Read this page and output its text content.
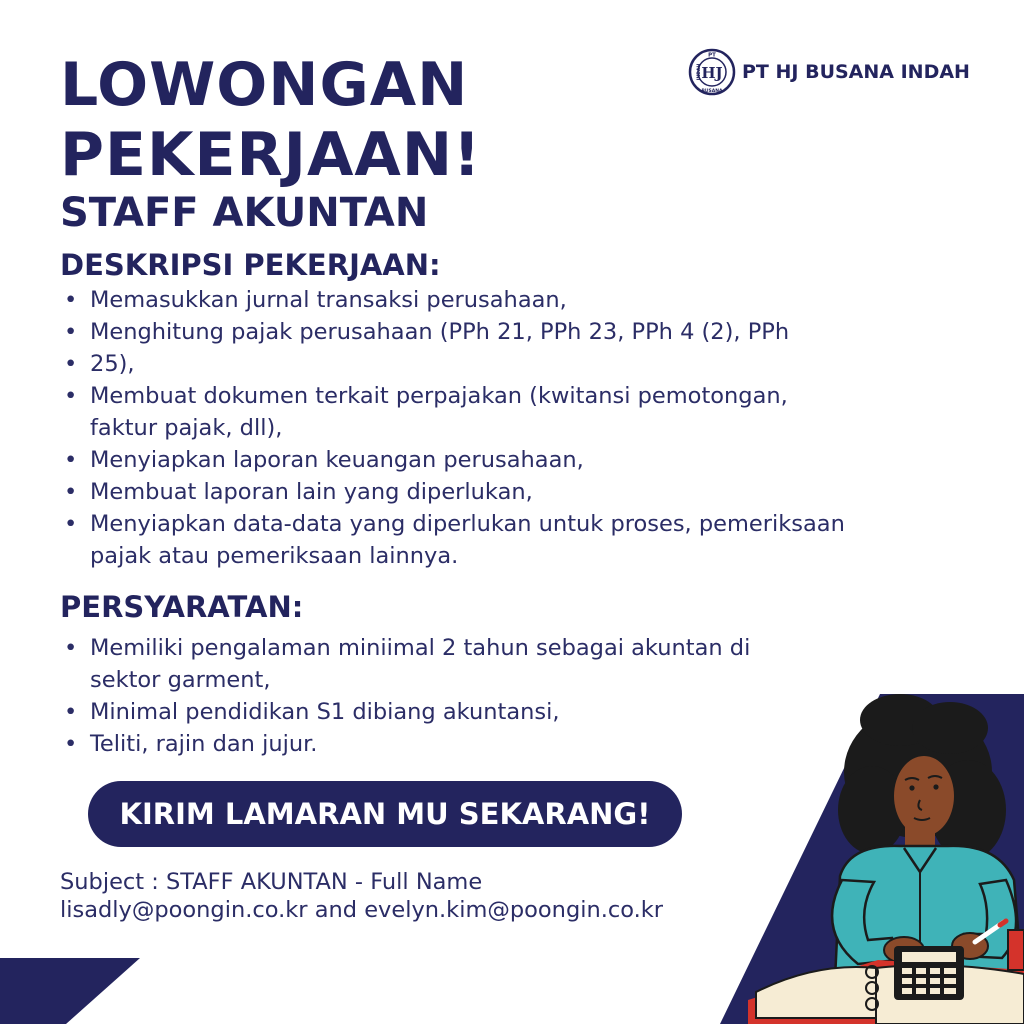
HJ
PT
INDAH
BUSANA
PT HJ BUSANA INDAH
LOWONGAN
PEKERJAAN!
STAFF AKUNTAN
DESKRIPSI PEKERJAAN:
• Memasukkan jurnal transaksi perusahaan,
• Menghitung pajak perusahaan (PPh 21, PPh 23, PPh 4 (2), PPh
• 25),
• Membuat dokumen terkait perpajakan (kwitansi pemotongan, faktur pajak, dll),
• Menyiapkan laporan keuangan perusahaan,
• Membuat laporan lain yang diperlukan,
• Menyiapkan data-data yang diperlukan untuk proses, pemeriksaan pajak atau pemeriksaan lainnya.
PERSYARATAN:
• Memiliki pengalaman miniimal 2 tahun sebagai akuntan di sektor garment,
• Minimal pendidikan S1 dibiang akuntansi,
• Teliti, rajin dan jujur.
KIRIM LAMARAN MU SEKARANG!
Subject : STAFF AKUNTAN - Full Name
lisadly@poongin.co.kr and evelyn.kim@poongin.co.kr
